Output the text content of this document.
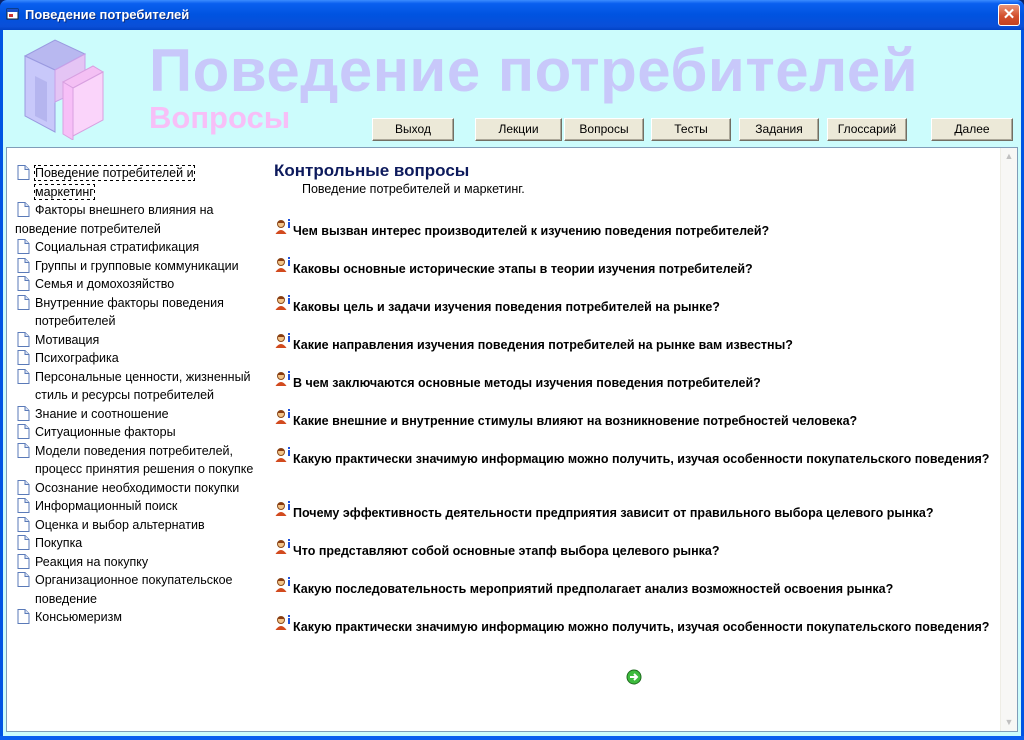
Поведение потребителей	✕
Поведение потребителей
Вопросы	Выход	Лекции	Вопросы	Тесты	Задания	Глоссарий	Далее
Поведение потребителей и маркетинг
Факторы внешнего влияния на поведение потребителей
Социальная стратификация
Группы и групповые коммуникации
Семья и домохозяйство
Внутренние факторы поведения потребителей
Мотивация
Психографика
Персональные ценности, жизненный стиль и ресурсы потребителей
Знание и соотношение
Ситуационные факторы
Модели поведения потребителей, процесс принятия решения о покупке
Осознание необходимости покупки
Информационный поиск
Оценка и выбор альтернатив
Покупка
Реакция на покупку
Организационное покупательское поведение
Консьюмеризм
Контрольные вопросы
Поведение потребителей и маркетинг.
Чем вызван интерес производителей к изучению поведения потребителей?
Каковы основные исторические этапы в теории изучения потребителей?
Каковы цель и задачи изучения поведения потребителей на рынке?
Какие направления изучения поведения потребителей на рынке вам известны?
В чем заключаются основные методы изучения поведения потребителей?
Какие внешние и внутренние стимулы влияют на возникновение потребностей человека?
Какую практически значимую информацию можно получить, изучая особенности покупательского поведения?
Почему эффективность деятельности предприятия зависит от правильного выбора целевого рынка?
Что представляют собой основные этапф выбора целевого рынка?
Какую последовательность мероприятий предполагает анализ возможностей освоения рынка?
Какую практически значимую информацию можно получить, изучая особенности покупательского поведения?
▲
▼
